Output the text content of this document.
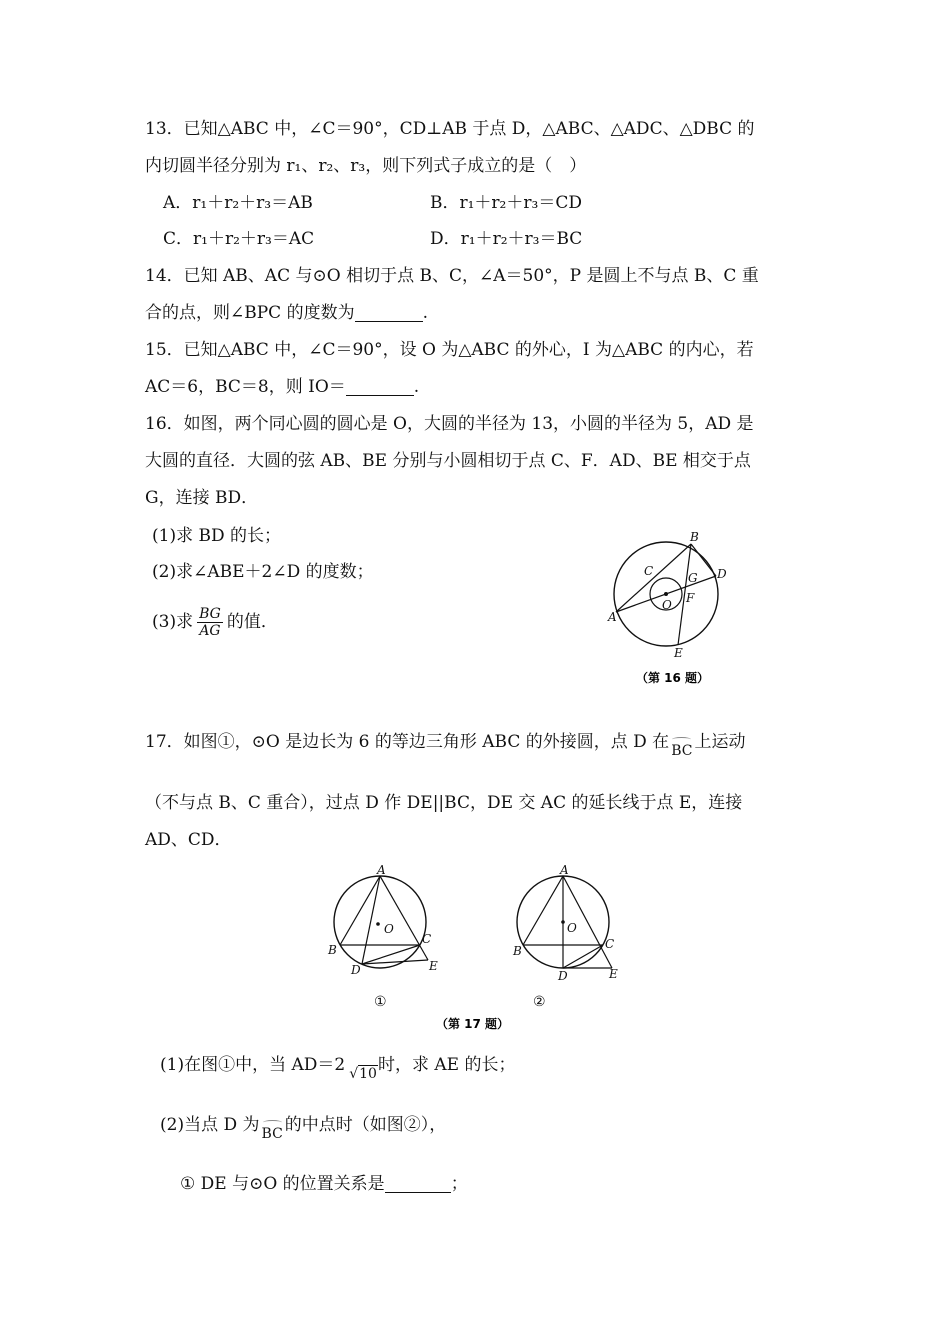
13．已知△ABC 中，∠C＝90°，CD⊥AB 于点 D，△ABC、△ADC、△DBC 的
内切圆半径分别为 r₁、r₂、r₃，则下列式子成立的是（　）
A．r₁＋r₂＋r₃＝AB	B．r₁＋r₂＋r₃＝CD
C．r₁＋r₂＋r₃＝AC	D．r₁＋r₂＋r₃＝BC
14．已知 AB、AC 与⊙O 相切于点 B、C，∠A＝50°，P 是圆上不与点 B、C 重
合的点，则∠BPC 的度数为	.
15．已知△ABC 中，∠C＝90°，设 O 为△ABC 的外心，I 为△ABC 的内心，若
AC＝6，BC＝8，则 IO＝	.
16．如图，两个同心圆的圆心是 O，大圆的半径为 13，小圆的半径为 5，AD 是
大圆的直径．大圆的弦 AB、BE 分别与小圆相切于点 C、F．AD、BE 相交于点
G，连接 BD．
(1)求 BD 的长；
(2)求∠ABE＋2∠D 的度数；
(3)求 $\frac{BG}{AG}$ 的值．
B
D
C	G
F
O
A
E
（第 16 题）
17．如图①，⊙O 是边长为 6 的等边三角形 ABC 的外接圆，点 D 在 BC 上运动
（不与点 B、C 重合），过点 D 作 DE||BC，DE 交 AC 的延长线于点 E，连接
AD、CD．
A
O
B
C
D	E
①
A
O
B	C
D	E
②
（第 17 题）
(1)在图①中，当 AD＝2 √10时，求 AE 的长；
(2)当点 D 为 BC 的中点时（如图②），
① DE 与⊙O 的位置关系是	；
